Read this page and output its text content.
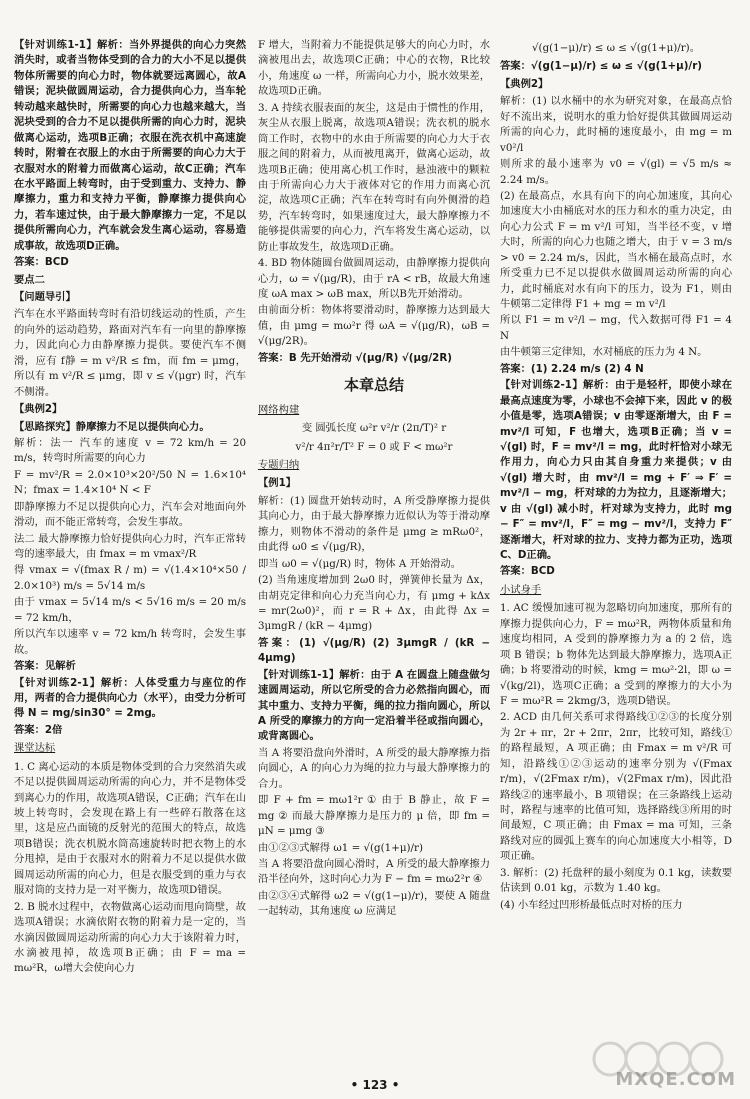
【针对训练1-1】解析：当外界提供的向心力突然消失时，或者当物体受到的合力的大小不足以提供物体所需要的向心力时，物体就要远离圆心，故A错误；泥块做圆周运动，合力提供向心力，当车轮转动越来越快时，所需要的向心力也越来越大，当泥块受到的合力不足以提供所需的向心力时，泥块做离心运动，选项B正确；衣服在洗衣机中高速旋转时，附着在衣服上的水由于所需要的向心力大于衣服对水的附着力而做离心运动，故C正确；汽车在水平路面上转弯时，由于受到重力、支持力、静摩擦力，重力和支持力平衡，静摩擦力提供向心力，若车速过快，由于最大静摩擦力一定，不足以提供所需向心力，汽车就会发生离心运动，容易造成事故，故选项D正确。

答案：BCD

要点二

【问题导引】

汽车在水平路面转弯时有沿切线运动的性质，产生的向外的运动趋势，路面对汽车有一向里的静摩擦力，因此向心力由静摩擦力提供。要使汽车不侧滑，应有 f静 = m v²/R ≤ fm，而 fm = μmg，所以有 m v²/R ≤ μmg，即 v ≤ √(μgr) 时，汽车不侧滑。

【典例2】

【思路探究】静摩擦力不足以提供向心力。

解析：法一 汽车的速度 v = 72 km/h = 20 m/s，转弯时所需要的向心力

F = mv²/R = 2.0×10³×20²/50 N = 1.6×10⁴ N；fmax = 1.4×10⁴ N < F

即静摩擦力不足以提供向心力，汽车会对地面向外滑动，而不能正常转弯，会发生事故。

法二 最大静摩擦力恰好提供向心力时，汽车正常转弯的速率最大，由 fmax = m vmax²/R

得 vmax = √(fmax R / m) = √(1.4×10⁴×50 / 2.0×10³) m/s = 5√14 m/s

由于 vmax = 5√14 m/s < 5√16 m/s = 20 m/s = 72 km/h，

所以汽车以速率 v = 72 km/h 转弯时，会发生事故。

答案：见解析

【针对训练2-1】解析：人体受重力与座位的作用，两者的合力提供向心力（水平），由受力分析可得 N = mg/sin30° = 2mg。

答案：2倍

课堂达标

1. C 离心运动的本质是物体受到的合力突然消失或不足以提供圆周运动所需的向心力，并不是物体受到离心力的作用，故选项A错误，C正确；汽车在山坡上转弯时，会发现在路上有一些碎石散落在这里，这是应凸面镜的反射光的范围大的特点，故选项B错误；洗衣机脱水筒高速旋转时把衣物上的水分甩掉，是由于衣服对水的附着力不足以提供水做圆周运动所需的向心力，但是衣服受到的重力与衣服对筒的支持力是一对平衡力，故选项D错误。

2. B 脱水过程中，衣物做离心运动而甩向筒壁，故选项A错误；水滴依附衣物的附着力是一定的，当水滴因做圆周运动所需的向心力大于该附着力时，水滴被甩掉，故选项B正确；由 F = ma = mω²R，ω增大会使向心力

F 增大，当附着力不能提供足够大的向心力时，水滴被甩出去，故选项C正确；中心的衣物，R比较小，角速度 ω 一样，所需向心力小，脱水效果差，故选项D正确。

3. A 持续衣服表面的灰尘，这是由于惯性的作用，灰尘从衣服上脱离，故选项A错误；洗衣机的脱水筒工作时，衣物中的水由于所需要的向心力大于衣服之间的附着力，从而被甩离开，做离心运动，故选项B正确；使用离心机工作时，悬浊液中的颗粒由于所需向心力大于液体对它的作用力而离心沉淀，故选项C正确；汽车在转弯时有向外侧滑的趋势，汽车转弯时，如果速度过大，最大静摩擦力不能够提供需要的向心力，汽车将发生离心运动，以防止事故发生，故选项D正确。

4. BD 物体随圆台做圆周运动，由静摩擦力提供向心力，ω = √(μg/R)，由于 rA < rB，故最大角速度 ωA max > ωB max，所以B先开始滑动。

由前面分析：物体将要滑动时，静摩擦力达到最大值，由 μmg = mω²r 得 ωA = √(μg/R)，ωB = √(μg/2R)。

答案：B 先开始滑动 √(μg/R) √(μg/2R)

本章总结

网络构建

变 圆弧长度 ω²r v²/r (2π/T)² r

v²/r 4π²r/T² F = 0 或 F < mω²r

专题归纳

【例1】

解析：(1) 圆盘开始转动时，A 所受静摩擦力提供其向心力，由于最大静摩擦力近似认为等于滑动摩擦力，则物体不滑动的条件是 μmg ≥ mRω0²，由此得 ω0 ≤ √(μg/R)，

即当 ω0 = √(μg/R) 时，物体 A 开始滑动。

(2) 当角速度增加到 2ω0 时，弹簧伸长量为 Δx，由胡克定律和向心力充当向心力，有 μmg + kΔx = mr(2ω0)²，而 r = R + Δx，由此得 Δx = 3μmgR / (kR − 4μmg)

答案：(1) √(μg/R) (2) 3μmgR / (kR − 4μmg)

【针对训练1-1】解析：由于 A 在圆盘上随盘做匀速圆周运动，所以它所受的合力必然指向圆心，而其中重力、支持力平衡，绳的拉力指向圆心，所以 A 所受的摩擦力的方向一定沿着半径或指向圆心，或背离圆心。

当 A 将要沿盘向外滑时，A 所受的最大静摩擦力指向圆心，A 的向心力为绳的拉力与最大静摩擦力的合力。

即 F + fm = mω1²r ① 由于 B 静止，故 F = mg ② 而最大静摩擦力是压力的 μ 倍，即 fm = μN = μmg ③

由①②③式解得 ω1 = √(g(1+μ)/r)

当 A 将要沿盘向圆心滑时，A 所受的最大静摩擦力沿半径向外，这时向心力为 F − fm = mω2²r ④

由②③④式解得 ω2 = √(g(1−μ)/r)，要使 A 随盘一起转动，其角速度 ω 应满足

√(g(1−μ)/r) ≤ ω ≤ √(g(1+μ)/r)。

答案：√(g(1−μ)/r) ≤ ω ≤ √(g(1+μ)/r)

【典例2】

解析：(1) 以水桶中的水为研究对象，在最高点恰好不流出来，说明水的重力恰好提供其做圆周运动所需的向心力，此时桶的速度最小，由 mg = m v0²/l

则所求的最小速率为 v0 = √(gl) = √5 m/s ≈ 2.24 m/s。

(2) 在最高点，水具有向下的向心加速度，其向心加速度大小由桶底对水的压力和水的重力决定，由向心力公式 F = m v²/l 可知，当半径不变，v 增大时，所需的向心力也随之增大，由于 v = 3 m/s > v0 = 2.24 m/s，因此，当水桶在最高点时，水所受重力已不足以提供水做圆周运动所需的向心力，此时桶底对水有向下的压力，设为 F1，则由牛顿第二定律得 F1 + mg = m v²/l

所以 F1 = m v²/l − mg，代入数据可得 F1 = 4 N

由牛顿第三定律知，水对桶底的压力为 4 N。

答案：(1) 2.24 m/s (2) 4 N

【针对训练2-1】解析：由于是轻杆，即使小球在最高点速度为零，小球也不会掉下来，因此 v 的极小值是零，选项A错误；v 由零逐渐增大，由 F = mv²/l 可知，F 也增大，选项B正确；当 v = √(gl) 时，F = mv²/l = mg，此时杆恰对小球无作用力，向心力只由其自身重力来提供；v 由 √(gl) 增大时，由 mv²/l = mg + F′ ⇒ F′ = mv²/l − mg，杆对球的力为拉力，且逐渐增大；v 由 √(gl) 减小时，杆对球为支持力，此时 mg − F″ = mv²/l，F″ = mg − mv²/l，支持力 F″ 逐渐增大，杆对球的拉力、支持力都为正功，选项C、D正确。

答案：BCD

小试身手

1. AC 缓慢加速可视为忽略切向加速度，那所有的摩擦力提供向心力，F = mω²R，两物体质量和角速度均相同，A 受到的静摩擦力为 a 的 2 倍，选项 B 错误；b 物体先达到最大静摩擦力，选项A正确；b 将要滑动的时候，kmg = mω²·2l，即 ω = √(kg/2l)，选项C正确；a 受到的摩擦力的大小为 F = mω²R = 2kmg/3，选项D错误。

2. ACD 由几何关系可求得路线①②③的长度分别为 2r + πr，2r + 2πr，2πr，比较可知，路线①的路程最短，A 项正确；由 Fmax = m v²/R 可知，沿路线①②③运动的速率分别为 √(Fmax r/m)，√(2Fmax r/m)，√(2Fmax r/m)，因此沿路线②的速率最小，B 项错误；在三条路线上运动时，路程与速率的比值可知，选择路线③所用的时间最短，C 项正确；由 Fmax = ma 可知，三条路线对应的圆弧上赛车的向心加速度大小相等，D 项正确。

3. 解析：(2) 托盘秤的最小刻度为 0.1 kg，读数要估读到 0.01 kg，示数为 1.40 kg。

(4) 小车经过凹形桥最低点时对桥的压力

• 123 •	MXQE.COM
